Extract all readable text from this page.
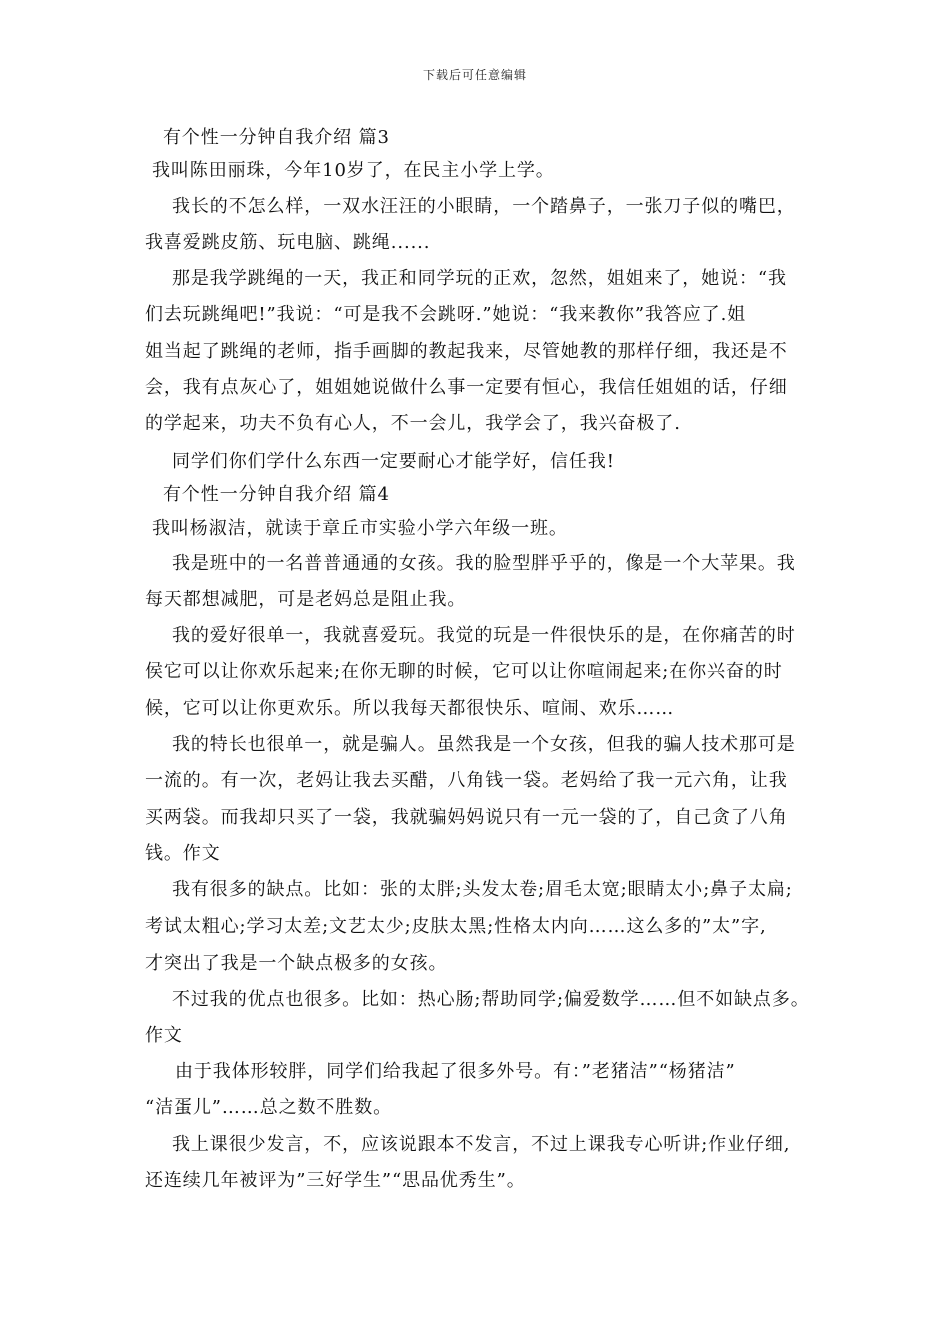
下载后可任意编辑
有个性一分钟自我介绍 篇3
我叫陈田丽珠，今年10岁了，在民主小学上学。
我长的不怎么样，一双水汪汪的小眼睛，一个踏鼻子，一张刀子似的嘴巴，
我喜爱跳皮筋、玩电脑、跳绳......
那是我学跳绳的一天，我正和同学玩的正欢，忽然，姐姐来了，她说：“我
们去玩跳绳吧!”我说：“可是我不会跳呀.”她说：“我来教你”我答应了.姐
姐当起了跳绳的老师，指手画脚的教起我来，尽管她教的那样仔细，我还是不
会，我有点灰心了，姐姐她说做什么事一定要有恒心，我信任姐姐的话，仔细
的学起来，功夫不负有心人，不一会儿，我学会了，我兴奋极了.
同学们你们学什么东西一定要耐心才能学好，信任我!
有个性一分钟自我介绍 篇4
我叫杨淑洁，就读于章丘市实验小学六年级一班。
我是班中的一名普普通通的女孩。我的脸型胖乎乎的，像是一个大苹果。我
每天都想减肥，可是老妈总是阻止我。
我的爱好很单一，我就喜爱玩。我觉的玩是一件很快乐的是，在你痛苦的时
侯它可以让你欢乐起来;在你无聊的时候，它可以让你喧闹起来;在你兴奋的时
候，它可以让你更欢乐。所以我每天都很快乐、喧闹、欢乐……
我的特长也很单一，就是骗人。虽然我是一个女孩，但我的骗人技术那可是
一流的。有一次，老妈让我去买醋，八角钱一袋。老妈给了我一元六角，让我
买两袋。而我却只买了一袋，我就骗妈妈说只有一元一袋的了，自己贪了八角
钱。作文
我有很多的缺点。比如：张的太胖;头发太卷;眉毛太宽;眼睛太小;鼻子太扁;
考试太粗心;学习太差;文艺太少;皮肤太黑;性格太内向……这么多的”太”字,
才突出了我是一个缺点极多的女孩。
不过我的优点也很多。比如：热心肠;帮助同学;偏爱数学……但不如缺点多。
作文
由于我体形较胖，同学们给我起了很多外号。有：”老猪洁”“杨猪洁”
“洁蛋儿”……总之数不胜数。
我上课很少发言，不，应该说跟本不发言，不过上课我专心听讲;作业仔细,
还连续几年被评为”三好学生”“思品优秀生”。
